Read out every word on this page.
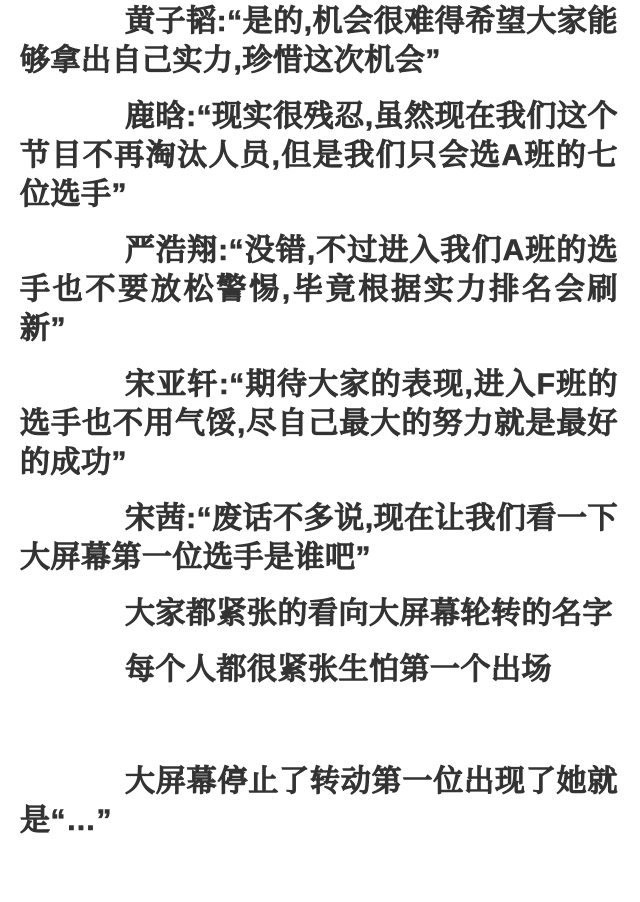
黄子韬:“是的,机会很难得希望大家能够拿出自己实力,珍惜这次机会”

鹿晗:“现实很残忍,虽然现在我们这个节目不再淘汰人员,但是我们只会选A班的七位选手”

严浩翔:“没错,不过进入我们A班的选手也不要放松警惕,毕竟根据实力排名会刷新”

宋亚轩:“期待大家的表现,进入F班的选手也不用气馁,尽自己最大的努力就是最好的成功”

宋茜:“废话不多说,现在让我们看一下大屏幕第一位选手是谁吧”

大家都紧张的看向大屏幕轮转的名字

每个人都很紧张生怕第一个出场

大屏幕停止了转动第一位出现了她就是“…”
